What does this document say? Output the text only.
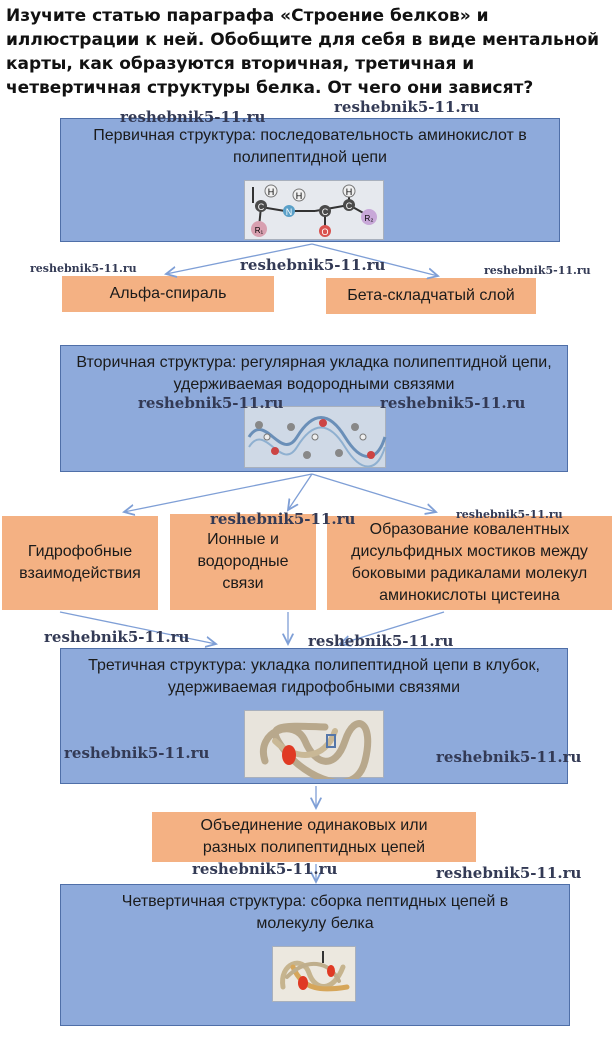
Изучите статью параграфа «Строение белков» и иллюстрации к ней. Обобщите для себя в виде ментальной карты, как образуются вторичная, третичная и четвертичная структуры белка. От чего они зависят?
Первичная структура: последовательность аминокислот в полипептидной цепи
H H	H
C N	C
C
O
R₁
R₂
Альфа-спираль	Бета-складчатый слой
Вторичная структура: регулярная укладка полипептидной цепи, удерживаемая водородными связями
Гидрофобные взаимодействия
Ионные и водородные связи
Образование ковалентных дисульфидных мостиков между боковыми радикалами молекул аминокислоты цистеина
Третичная структура: укладка полипептидной цепи в клубок, удерживаемая гидрофобными связями
Объединение одинаковых или разных полипептидных цепей
Четвертичная структура: сборка пептидных цепей в молекулу белка
reshebnik5-11.ru
reshebnik5-11.ru
reshebnik5-11.ru	reshebnik5-11.ru	reshebnik5-11.ru
reshebnik5-11.ru	reshebnik5-11.ru
reshebnik5-11.ru
reshebnik5-11.ru
reshebnik5-11.ru	reshebnik5-11.ru
reshebnik5-11.ru	reshebnik5-11.ru
reshebnik5-11.ru	reshebnik5-11.ru
